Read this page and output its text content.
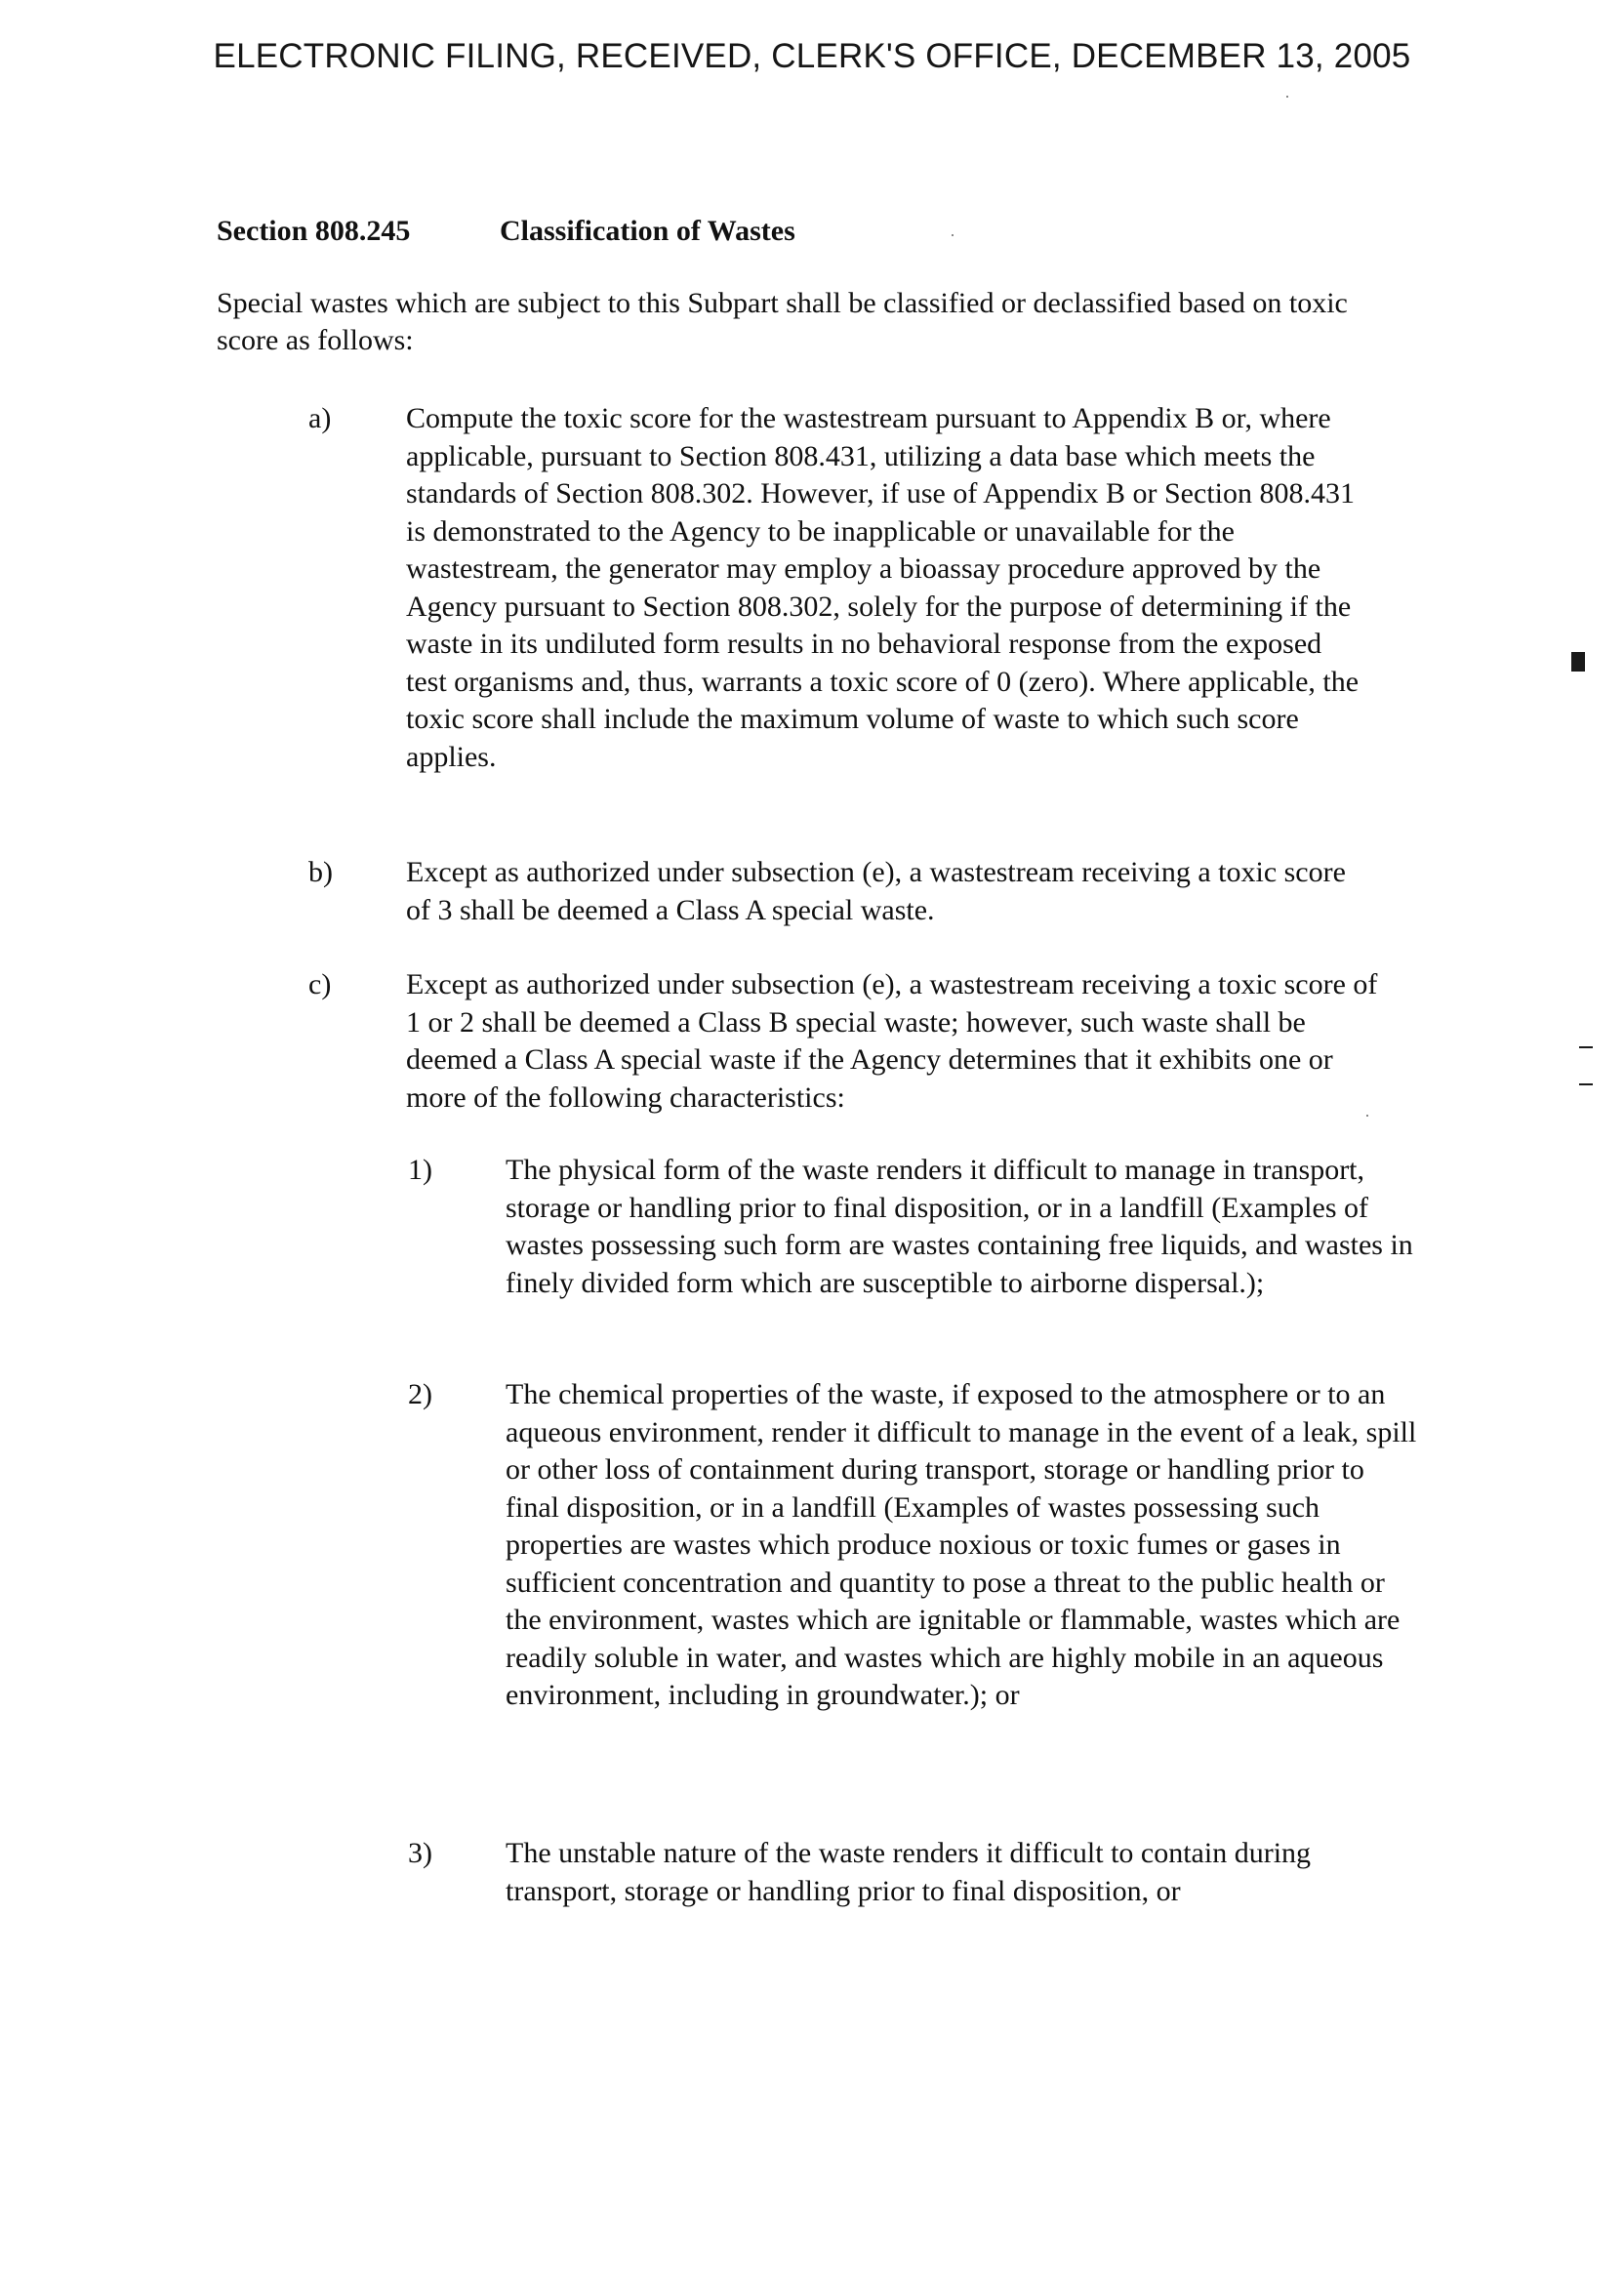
ELECTRONIC FILING, RECEIVED, CLERK'S OFFICE, DECEMBER 13, 2005
Section 808.245	Classification of Wastes
Special wastes which are subject to this Subpart shall be classified or declassified based on toxic score as follows:
a)	Compute the toxic score for the wastestream pursuant to Appendix B or, where applicable, pursuant to Section 808.431, utilizing a data base which meets the standards of Section 808.302. However, if use of Appendix B or Section 808.431 is demonstrated to the Agency to be inapplicable or unavailable for the wastestream, the generator may employ a bioassay procedure approved by the Agency pursuant to Section 808.302, solely for the purpose of determining if the waste in its undiluted form results in no behavioral response from the exposed test organisms and, thus, warrants a toxic score of 0 (zero). Where applicable, the toxic score shall include the maximum volume of waste to which such score applies.
b)	Except as authorized under subsection (e), a wastestream receiving a toxic score of 3 shall be deemed a Class A special waste.
c)	Except as authorized under subsection (e), a wastestream receiving a toxic score of 1 or 2 shall be deemed a Class B special waste; however, such waste shall be deemed a Class A special waste if the Agency determines that it exhibits one or more of the following characteristics:
1)	The physical form of the waste renders it difficult to manage in transport, storage or handling prior to final disposition, or in a landfill (Examples of wastes possessing such form are wastes containing free liquids, and wastes in finely divided form which are susceptible to airborne dispersal.);
2)	The chemical properties of the waste, if exposed to the atmosphere or to an aqueous environment, render it difficult to manage in the event of a leak, spill or other loss of containment during transport, storage or handling prior to final disposition, or in a landfill (Examples of wastes possessing such properties are wastes which produce noxious or toxic fumes or gases in sufficient concentration and quantity to pose a threat to the public health or the environment, wastes which are ignitable or flammable, wastes which are readily soluble in water, and wastes which are highly mobile in an aqueous environment, including in groundwater.); or
3)	The unstable nature of the waste renders it difficult to contain during transport, storage or handling prior to final disposition, or
